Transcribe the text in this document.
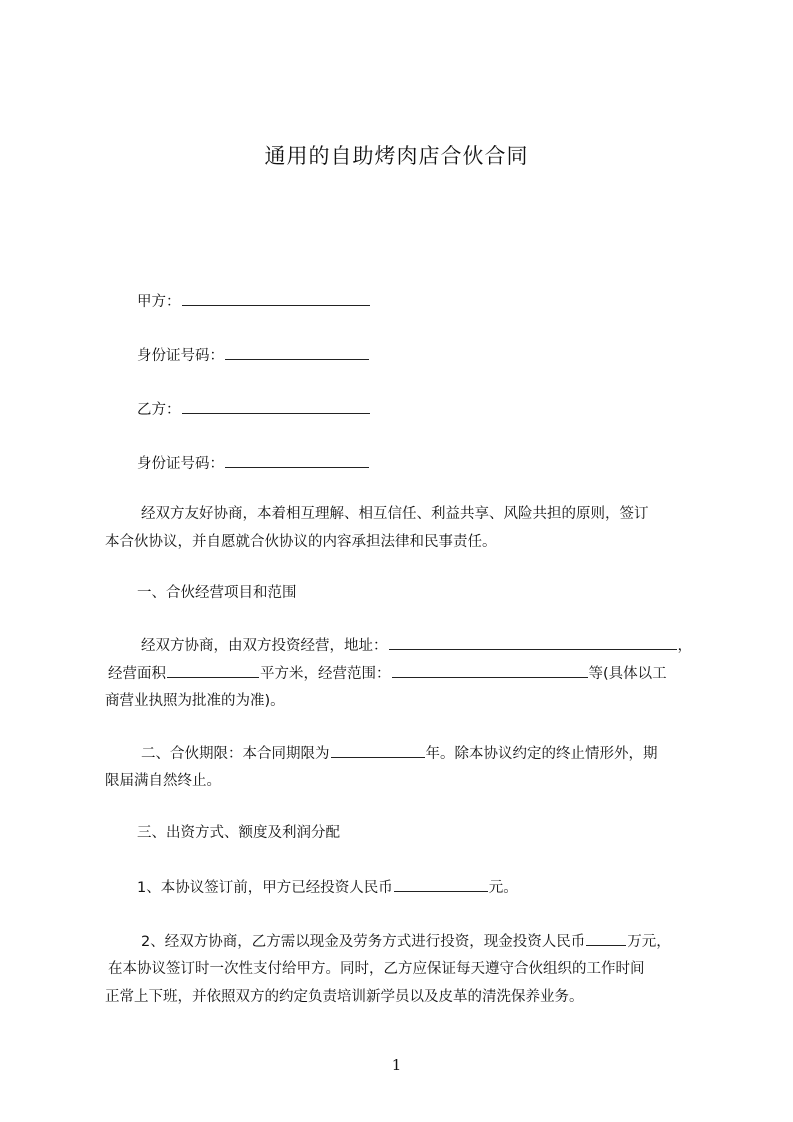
通用的自助烤肉店合伙合同
甲方：
身份证号码：
乙方：
身份证号码：
经双方友好协商，本着相互理解、相互信任、利益共享、风险共担的原则，签订
本合伙协议，并自愿就合伙协议的内容承担法律和民事责任。
一、合伙经营项目和范围
经双方协商，由双方投资经营，地址：	，
经营面积	平方米，经营范围：	等(具体以工
商营业执照为批准的为准)。
二、合伙期限：本合同期限为	年。除本协议约定的终止情形外，期
限届满自然终止。
三、出资方式、额度及利润分配
1、本协议签订前，甲方已经投资人民币	元。
2、经双方协商，乙方需以现金及劳务方式进行投资，现金投资人民币	万元，
在本协议签订时一次性支付给甲方。同时，乙方应保证每天遵守合伙组织的工作时间
正常上下班，并依照双方的约定负责培训新学员以及皮革的清洗保养业务。
1
